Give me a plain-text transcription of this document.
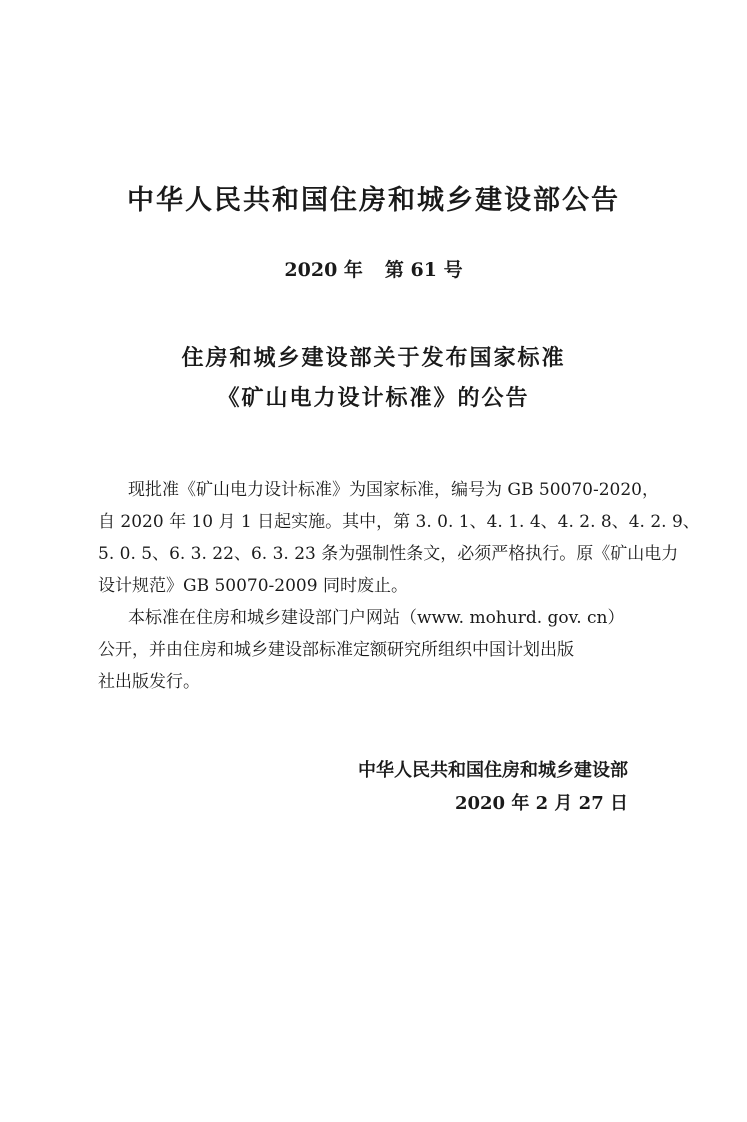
中华人民共和国住房和城乡建设部公告

2020 年 第 61 号

住房和城乡建设部关于发布国家标准
《矿山电力设计标准》的公告

现批准《矿山电力设计标准》为国家标准，编号为 GB 50070-2020，

自 2020 年 10 月 1 日起实施。其中，第 3. 0. 1、4. 1. 4、4. 2. 8、4. 2. 9、

5. 0. 5、6. 3. 22、6. 3. 23 条为强制性条文，必须严格执行。原《矿山电力

设计规范》GB 50070-2009 同时废止。

本标准在住房和城乡建设部门户网站（www. mohurd. gov. cn）

公开，并由住房和城乡建设部标准定额研究所组织中国计划出版

社出版发行。

中华人民共和国住房和城乡建设部

2020 年 2 月 27 日
